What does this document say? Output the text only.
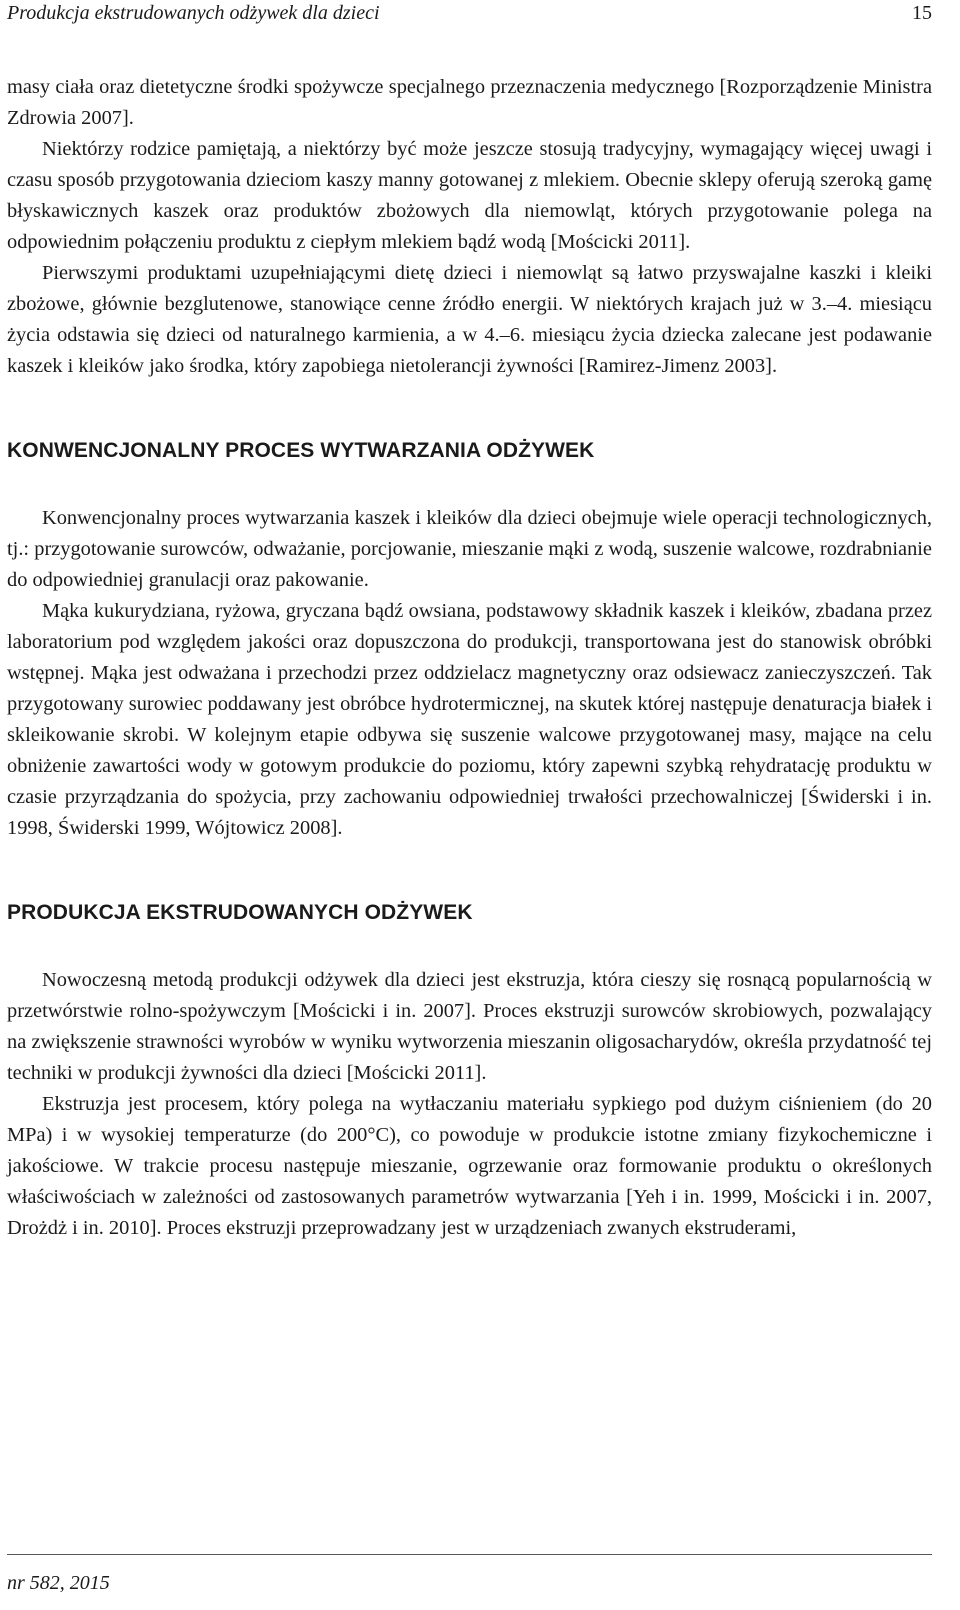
Produkcja ekstrudowanych odżywek dla dzieci	15

masy ciała oraz dietetyczne środki spożywcze specjalnego przeznaczenia medycznego [Rozporządzenie Ministra Zdrowia 2007].

Niektórzy rodzice pamiętają, a niektórzy być może jeszcze stosują tradycyjny, wymagający więcej uwagi i czasu sposób przygotowania dzieciom kaszy manny gotowanej z mlekiem. Obecnie sklepy oferują szeroką gamę błyskawicznych kaszek oraz produktów zbożowych dla niemowląt, których przygotowanie polega na odpowiednim połączeniu produktu z ciepłym mlekiem bądź wodą [Mościcki 2011].

Pierwszymi produktami uzupełniającymi dietę dzieci i niemowląt są łatwo przyswajalne kaszki i kleiki zbożowe, głównie bezglutenowe, stanowiące cenne źródło energii. W niektórych krajach już w 3.–4. miesiącu życia odstawia się dzieci od naturalnego karmienia, a w 4.–6. miesiącu życia dziecka zalecane jest podawanie kaszek i kleików jako środka, który zapobiega nietolerancji żywności [Ramirez-Jimenz 2003].

KONWENCJONALNY PROCES WYTWARZANIA ODŻYWEK

Konwencjonalny proces wytwarzania kaszek i kleików dla dzieci obejmuje wiele operacji technologicznych, tj.: przygotowanie surowców, odważanie, porcjowanie, mieszanie mąki z wodą, suszenie walcowe, rozdrabnianie do odpowiedniej granulacji oraz pakowanie.

Mąka kukurydziana, ryżowa, gryczana bądź owsiana, podstawowy składnik kaszek i kleików, zbadana przez laboratorium pod względem jakości oraz dopuszczona do produkcji, transportowana jest do stanowisk obróbki wstępnej. Mąka jest odważana i przechodzi przez oddzielacz magnetyczny oraz odsiewacz zanieczyszczeń. Tak przygotowany surowiec poddawany jest obróbce hydrotermicznej, na skutek której następuje denaturacja białek i skleikowanie skrobi. W kolejnym etapie odbywa się suszenie walcowe przygotowanej masy, mające na celu obniżenie zawartości wody w gotowym produkcie do poziomu, który zapewni szybką rehydratację produktu w czasie przyrządzania do spożycia, przy zachowaniu odpowiedniej trwałości przechowalniczej [Świderski i in. 1998, Świderski 1999, Wójtowicz 2008].

PRODUKCJA EKSTRUDOWANYCH ODŻYWEK

Nowoczesną metodą produkcji odżywek dla dzieci jest ekstruzja, która cieszy się rosnącą popularnością w przetwórstwie rolno-spożywczym [Mościcki i in. 2007]. Proces ekstruzji surowców skrobiowych, pozwalający na zwiększenie strawności wyrobów w wyniku wytworzenia mieszanin oligosacharydów, określa przydatność tej techniki w produkcji żywności dla dzieci [Mościcki 2011].

Ekstruzja jest procesem, który polega na wytłaczaniu materiału sypkiego pod dużym ciśnieniem (do 20 MPa) i w wysokiej temperaturze (do 200°C), co powoduje w produkcie istotne zmiany fizykochemiczne i jakościowe. W trakcie procesu następuje mieszanie, ogrzewanie oraz formowanie produktu o określonych właściwościach w zależności od zastosowanych parametrów wytwarzania [Yeh i in. 1999, Mościcki i in. 2007, Drożdż i in. 2010]. Proces ekstruzji przeprowadzany jest w urządzeniach zwanych ekstruderami,

nr 582, 2015
